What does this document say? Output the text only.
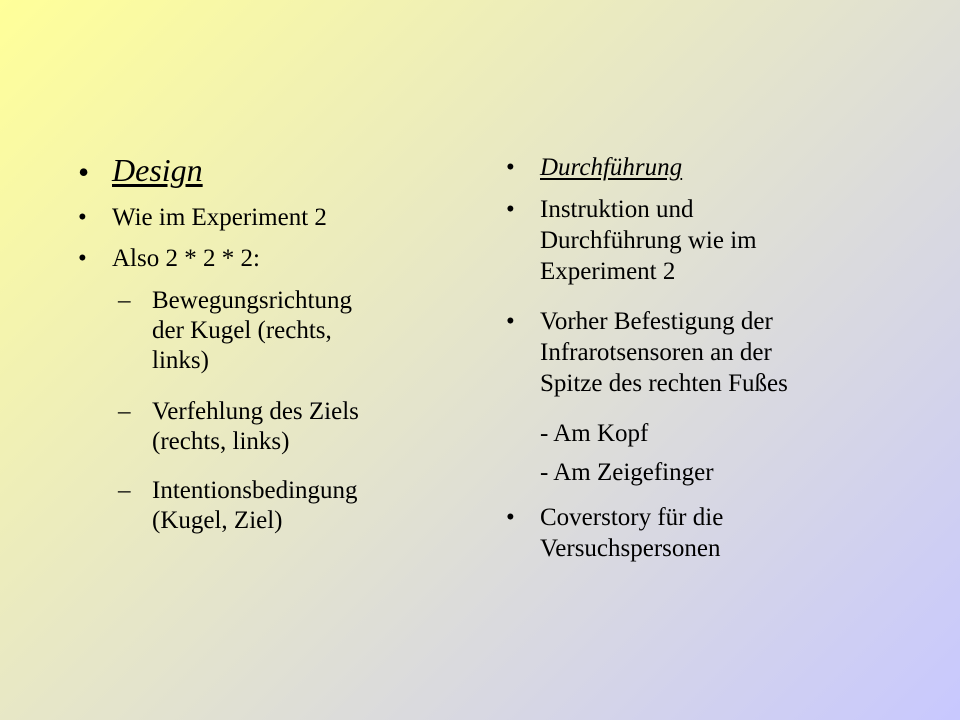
• Design
• Wie im Experiment 2
• Also 2 * 2 * 2:
– Bewegungsrichtung
der Kugel (rechts,
links)
– Verfehlung des Ziels
(rechts, links)
– Intentionsbedingung
(Kugel, Ziel)
• Durchführung
• Instruktion und
Durchführung wie im
Experiment 2
• Vorher Befestigung der
Infrarotsensoren an der
Spitze des rechten Fußes
- Am Kopf
- Am Zeigefinger
• Coverstory für die
Versuchspersonen
